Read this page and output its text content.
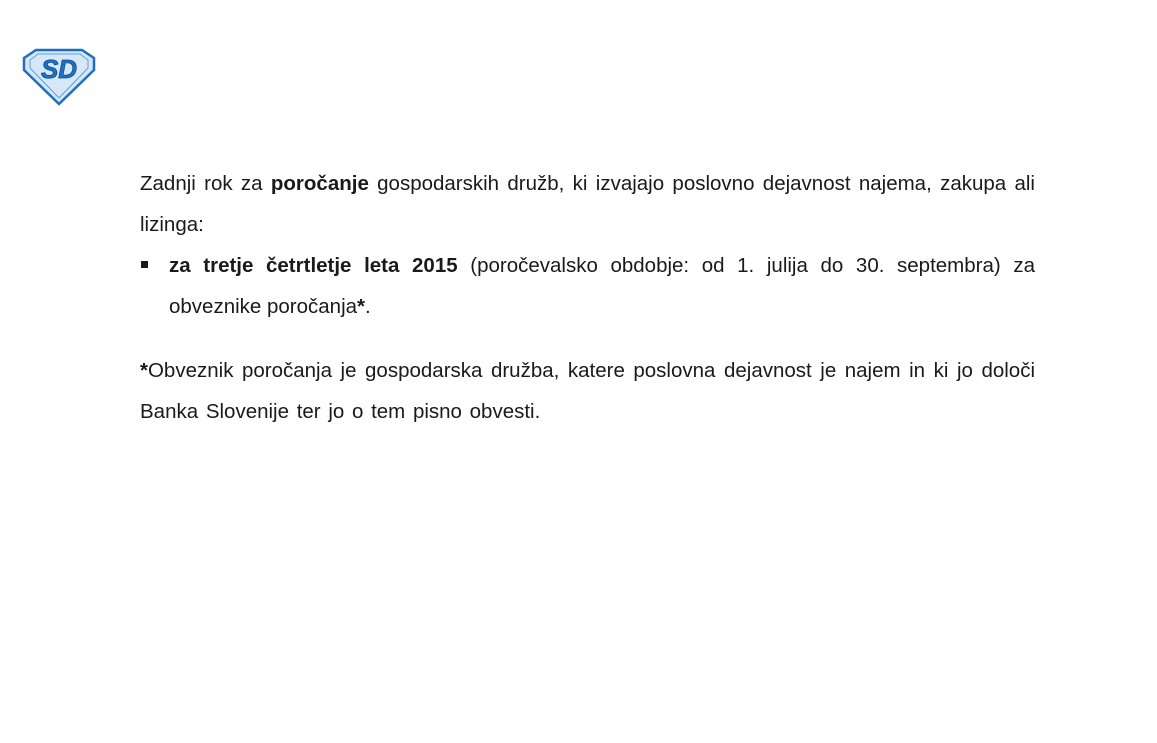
SD

Zadnji rok za poročanje gospodarskih družb, ki izvajajo poslovno dejavnost najema, zakupa ali lizinga:

za tretje četrtletje leta 2015 (poročevalsko obdobje: od 1. julija do 30. septembra) za obveznike poročanja*.

*Obveznik poročanja je gospodarska družba, katere poslovna dejavnost je najem in ki jo določi Banka Slovenije ter jo o tem pisno obvesti.
